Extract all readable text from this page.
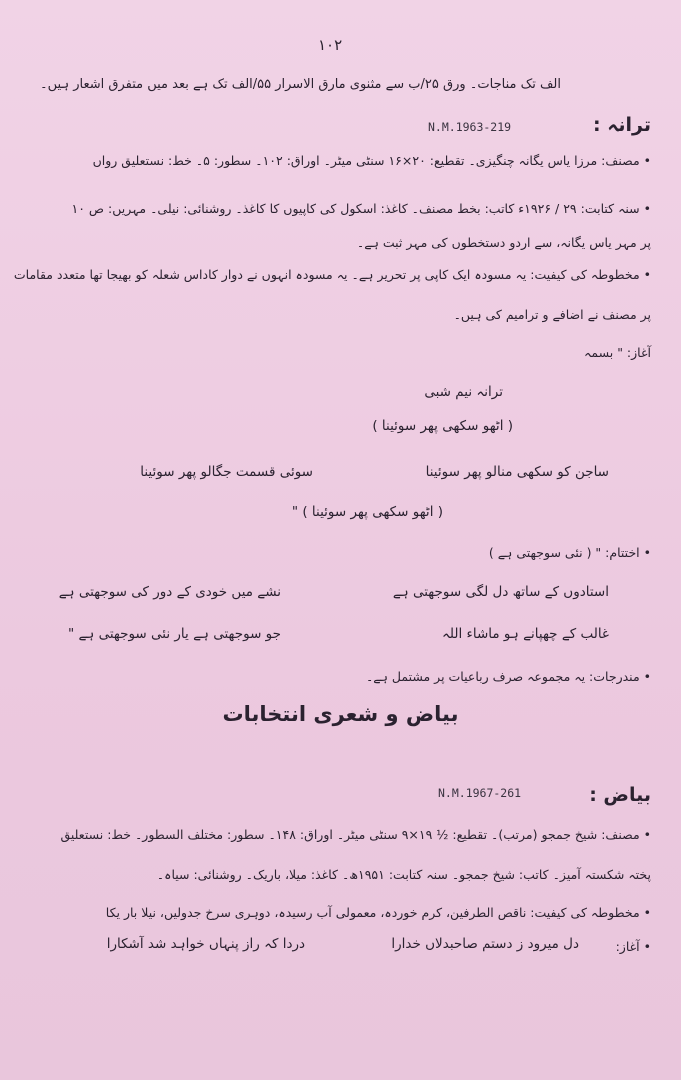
١٠٢
الف تک مناجات۔ ورق ۲۵/ب سے مثنوی مارق الاسرار ۵۵/الف تک ہے بعد میں متفرق اشعار ہیں۔
N.M.1963-219	ترانہ :
• مصنف: مرزا یاس یگانہ چنگیزی۔ تقطیع: ۲۰×۱۶ سنٹی میٹر۔ اوراق: ۱۰۲۔ سطور: ۵۔ خط: نستعلیق رواں
• سنہ کتابت: ۲۹ / ۱۹۲۶ء کاتب: بخط مصنف۔ کاغذ: اسکول کی کاپیوں کا کاغذ۔ روشنائی: نیلی۔ مہریں: ص ۱۰
پر مہر یاس یگانہ، سے اردو دستخطوں کی مہر ثبت ہے۔
• مخطوطہ کی کیفیت: یہ مسودہ ایک کاپی پر تحریر ہے۔ یہ مسودہ انہوں نے دوار کاداس شعلہ کو بھیجا تھا متعدد مقامات
پر مصنف نے اضافے و ترامیم کی ہیں۔
آغاز: " بسمہ
ترانہ نیم شبی
( اٹھو سکھی پھر سوئینا )
ساجن کو سکھی منالو پھر سوئینا
سوئی قسمت جگالو پھر سوئینا
( اٹھو سکھی پھر سوئینا ) "
• اختتام: " ( نئی سوجھتی ہے )
استادوں کے ساتھ دل لگی سوجھتی ہے
نشے میں خودی کے دور کی سوجھتی ہے
غالب کے چھپانے ہو ماشاء اللہ
جو سوجھتی ہے یار نئی سوجھتی ہے "
• مندرجات: یہ مجموعہ صرف رباعیات پر مشتمل ہے۔
بیاض و شعری انتخابات
N.M.1967-261	بیاض :
• مصنف: شیخ جمجو (مرتب)۔ تقطیع: ½ ۱۹×۹ سنٹی میٹر۔ اوراق: ۱۴۸۔ سطور: مختلف السطور۔ خط: نستعلیق
پختہ شکستہ آمیز۔ کاتب: شیخ جمجو۔ سنہ کتابت: ۱۹۵۱ھ۔ کاغذ: میلا، باریک۔ روشنائی: سیاہ۔
• مخطوطہ کی کیفیت: ناقص الطرفین، کرم خوردہ، معمولی آب رسیدہ، دوہری سرخ جدولیں، نیلا بار یکا
• آغاز:
دل میرود ز دستم صاحبدلاں خدارا
دردا کہ راز پنہاں خواہد شد آشکارا
